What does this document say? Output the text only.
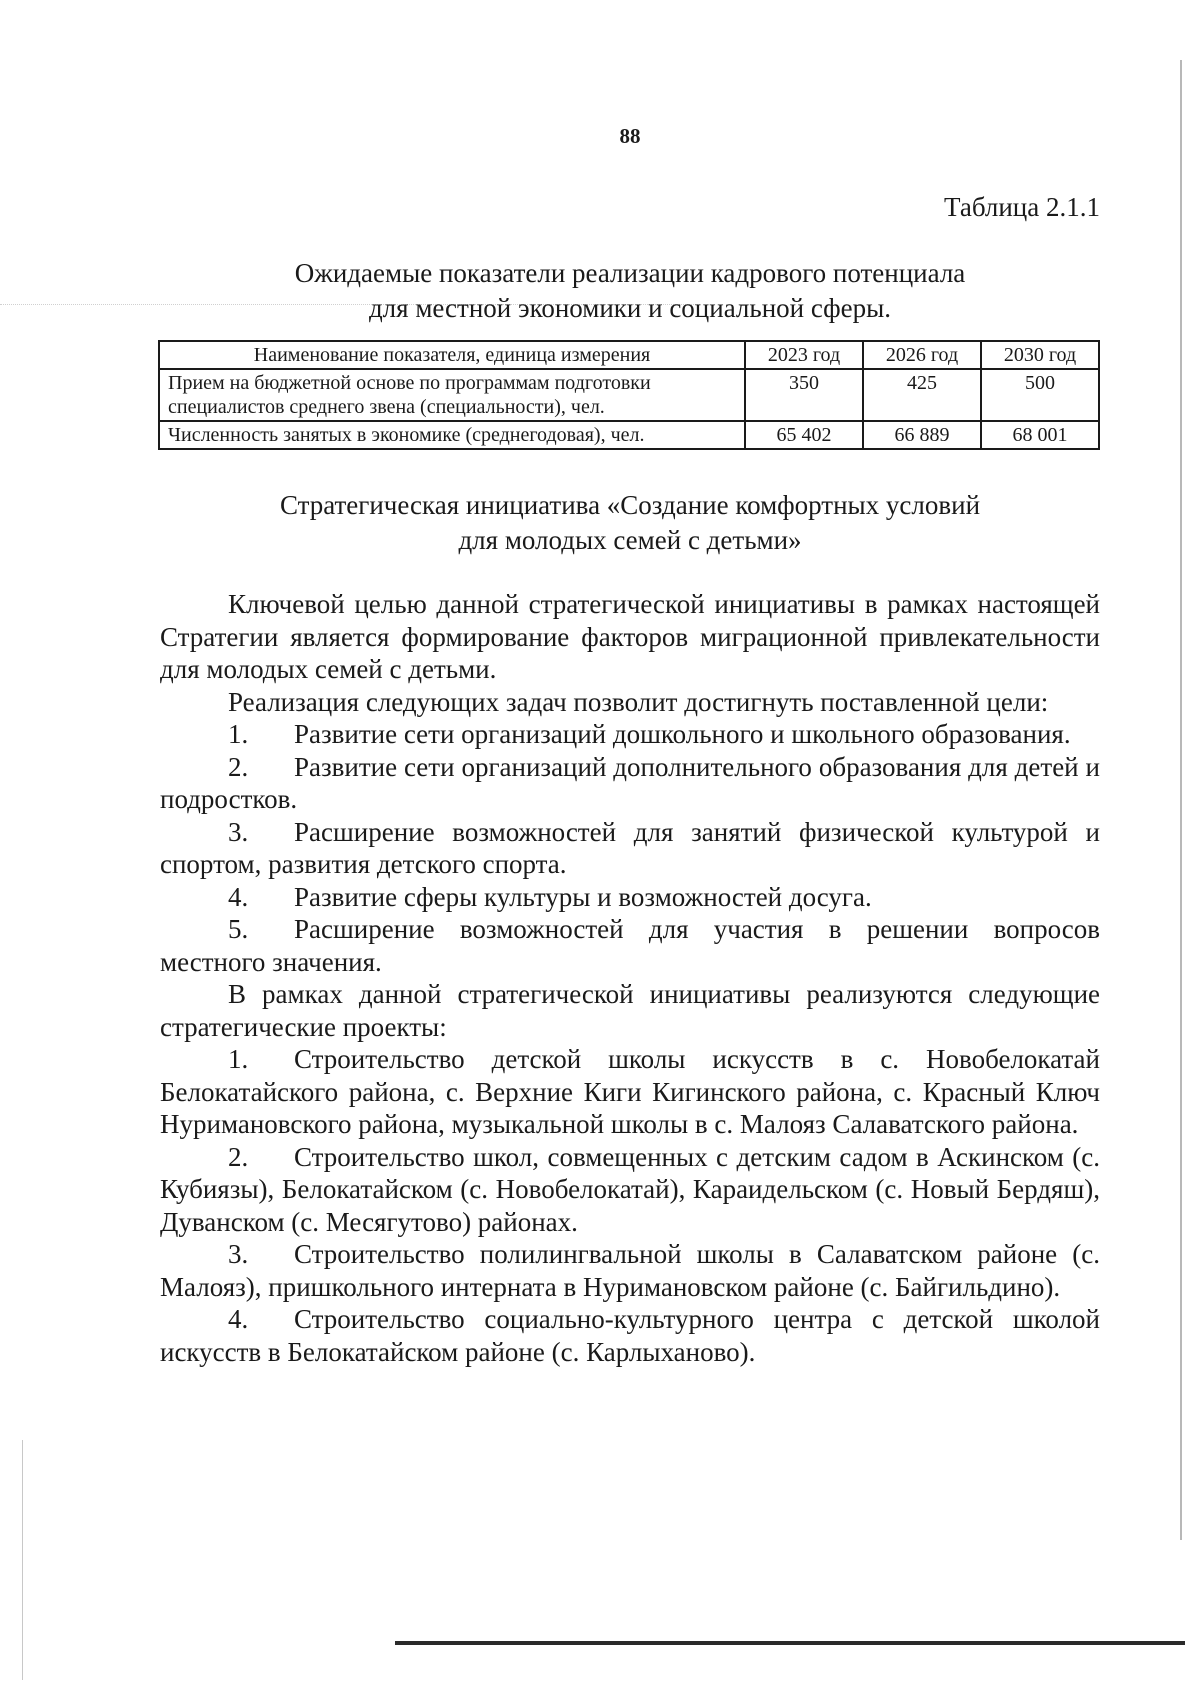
88
Таблица 2.1.1
Ожидаемые показатели реализации кадрового потенциала
для местной экономики и социальной сферы.
Наименование показателя, единица измерения	2023 год	2026 год	2030 год
Прием на бюджетной основе по программам подготовки специалистов среднего звена (специальности), чел.	350	425	500
Численность занятых в экономике (среднегодовая), чел.	65 402	66 889	68 001
Стратегическая инициатива «Создание комфортных условий
для молодых семей с детьми»

Ключевой целью данной стратегической инициативы в рамках настоящей Стратегии является формирование факторов миграционной привлекательности для молодых семей с детьми.

Реализация следующих задач позволит достигнуть поставленной цели:

1. Развитие сети организаций дошкольного и школьного образования.

2. Развитие сети организаций дополнительного образования для детей и подростков.

3. Расширение возможностей для занятий физической культурой и спортом, развития детского спорта.

4. Развитие сферы культуры и возможностей досуга.

5. Расширение возможностей для участия в решении вопросов местного значения.

В рамках данной стратегической инициативы реализуются следующие стратегические проекты:

1. Строительство детской школы искусств в с. Новобелокатай Белокатайского района, с. Верхние Киги Кигинского района, с. Красный Ключ Нуримановского района, музыкальной школы в с. Малояз Салаватского района.

2. Строительство школ, совмещенных с детским садом в Аскинском (с. Кубиязы), Белокатайском (с. Новобелокатай), Караидельском (с. Новый Бердяш), Дуванском (с. Месягутово) районах.

3. Строительство полилингвальной школы в Салаватском районе (с. Малояз), пришкольного интерната в Нуримановском районе (с. Байгильдино).

4. Строительство социально-культурного центра с детской школой искусств в Белокатайском районе (с. Карлыханово).
